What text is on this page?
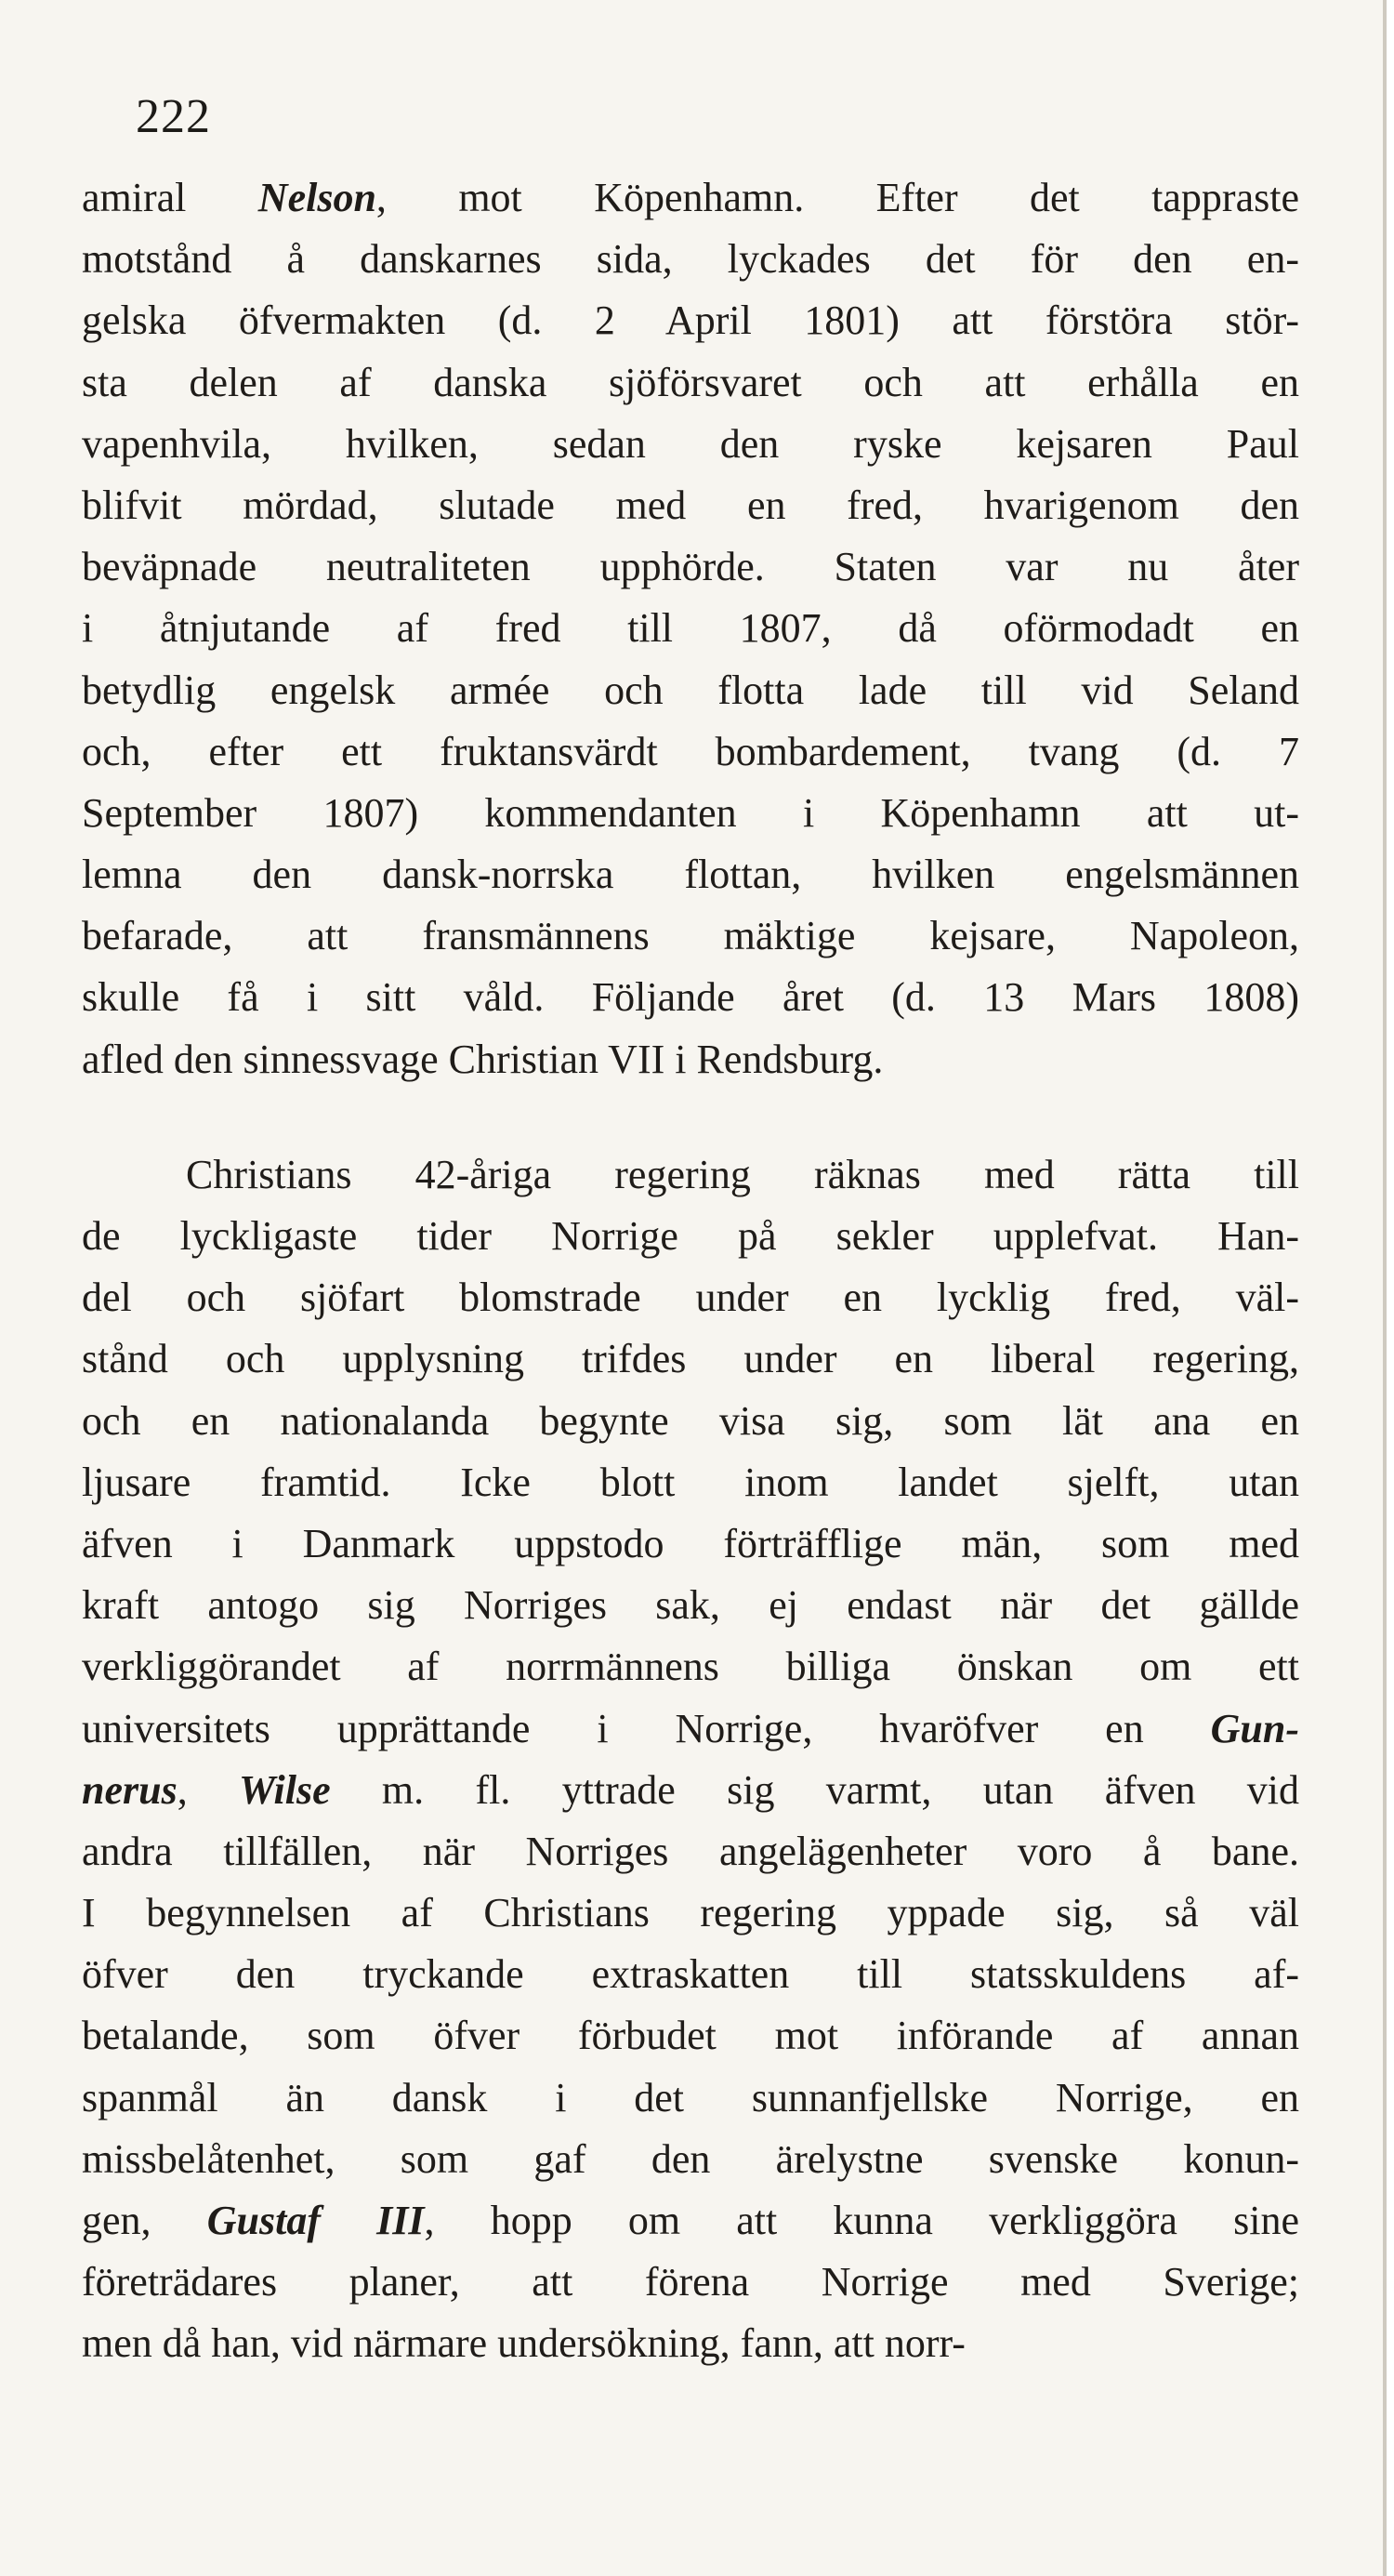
222
amiral Nelson, mot Köpenhamn. Efter det tappraste
motstånd å danskarnes sida, lyckades det för den en-
gelska öfvermakten (d. 2 April 1801) att förstöra stör-
sta delen af danska sjöförsvaret och att erhålla en
vapenhvila, hvilken, sedan den ryske kejsaren Paul
blifvit mördad, slutade med en fred, hvarigenom den
beväpnade neutraliteten upphörde. Staten var nu åter
i åtnjutande af fred till 1807, då oförmodadt en
betydlig engelsk armée och flotta lade till vid Seland
och, efter ett fruktansvärdt bombardement, tvang (d. 7
September 1807) kommendanten i Köpenhamn att ut-
lemna den dansk-norrska flottan, hvilken engelsmännen
befarade, att fransmännens mäktige kejsare, Napoleon,
skulle få i sitt våld. Följande året (d. 13 Mars 1808)
afled den sinnessvage Christian VII i Rendsburg.
Christians 42-åriga regering räknas med rätta till
de lyckligaste tider Norrige på sekler upplefvat. Han-
del och sjöfart blomstrade under en lycklig fred, väl-
stånd och upplysning trifdes under en liberal regering,
och en nationalanda begynte visa sig, som lät ana en
ljusare framtid. Icke blott inom landet sjelft, utan
äfven i Danmark uppstodo förträfflige män, som med
kraft antogo sig Norriges sak, ej endast när det gällde
verkliggörandet af norrmännens billiga önskan om ett
universitets upprättande i Norrige, hvaröfver en Gun-
nerus, Wilse m. fl. yttrade sig varmt, utan äfven vid
andra tillfällen, när Norriges angelägenheter voro å bane.
I begynnelsen af Christians regering yppade sig, så väl
öfver den tryckande extraskatten till statsskuldens af-
betalande, som öfver förbudet mot införande af annan
spanmål än dansk i det sunnanfjellske Norrige, en
missbelåtenhet, som gaf den ärelystne svenske konun-
gen, Gustaf III, hopp om att kunna verkliggöra sine
företrädares planer, att förena Norrige med Sverige;
men då han, vid närmare undersökning, fann, att norr-
